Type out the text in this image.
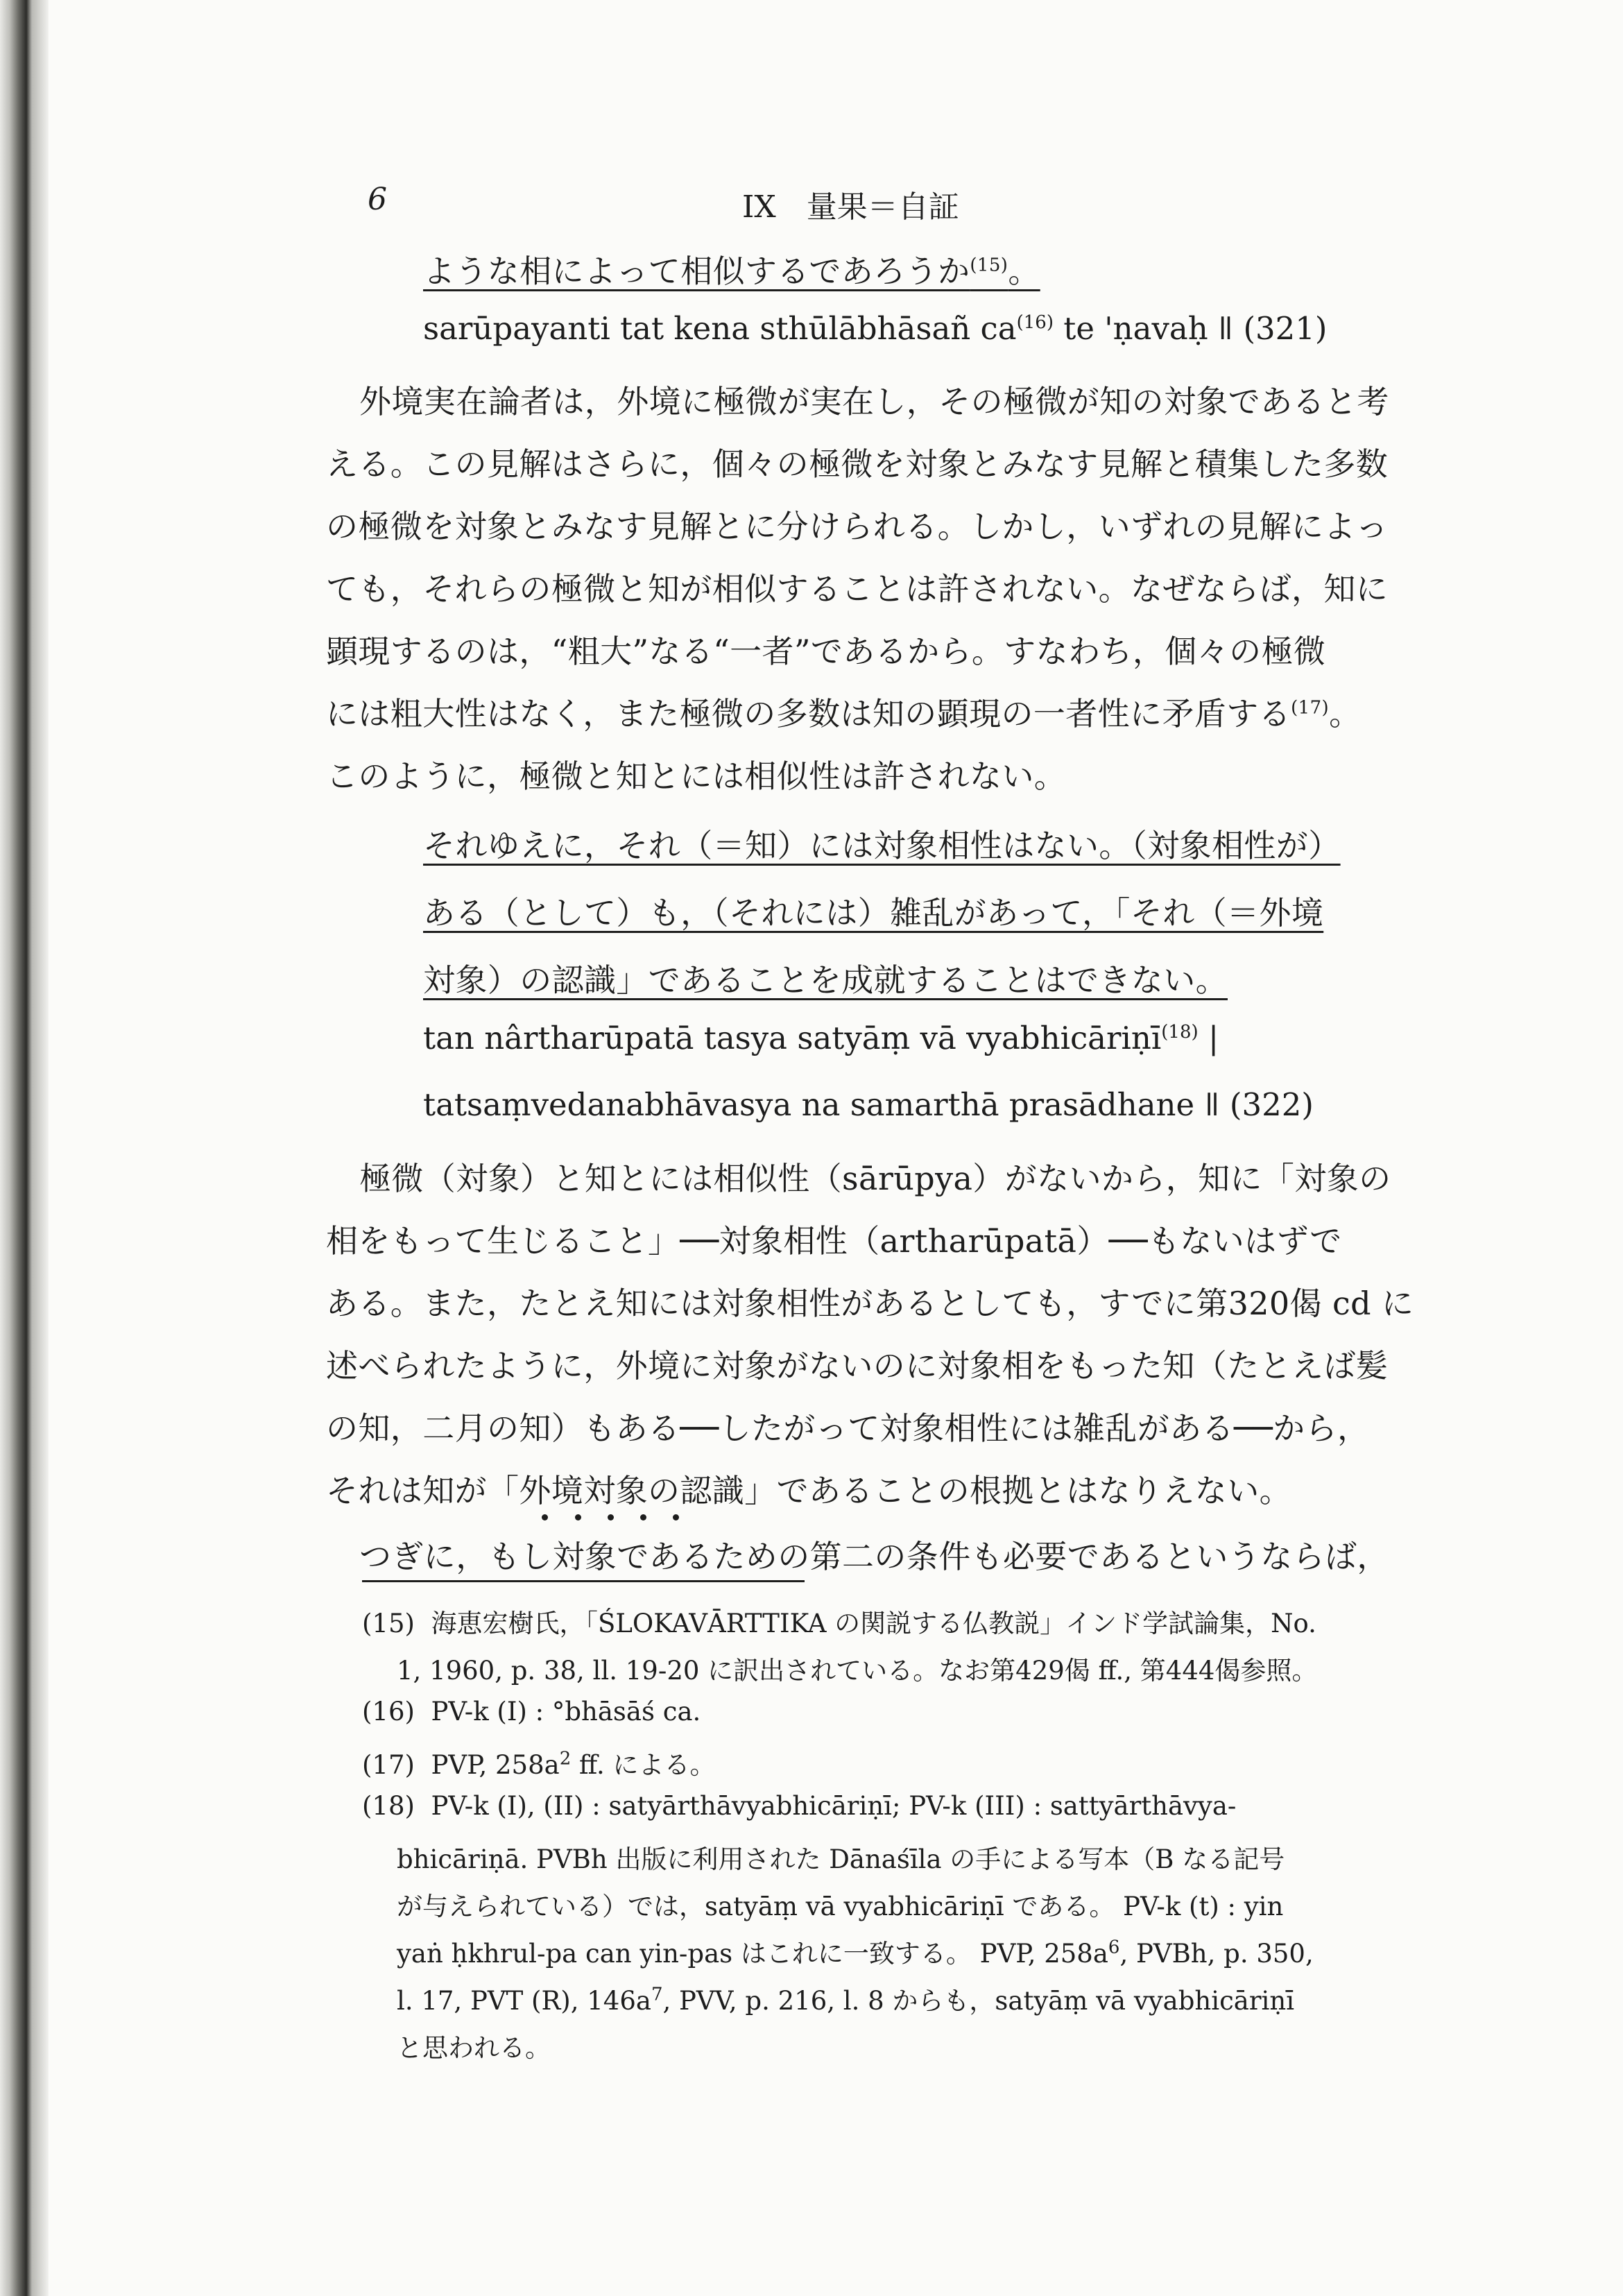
6	IX　量果＝自証
ような相によって相似するであろうか$^{(15)}$。
sarūpayanti tat kena sthūlābhāsañ $ca^{(16)}$ te 'ṇavaḥ ǁ (321)
外境実在論者は，外境に極微が実在し，その極微が知の対象であると考
える。この見解はさらに，個々の極微を対象とみなす見解と積集した多数
の極微を対象とみなす見解とに分けられる。しかし，いずれの見解によっ
ても，それらの極微と知が相似することは許されない。なぜならば，知に
顕現するのは，“粗大”なる“一者”であるから。すなわち，個々の極微
には粗大性はなく，また極微の多数は知の顕現の一者性に矛盾する$^{(17)}$。
このように，極微と知とには相似性は許されない。
それゆえに，それ（＝知）には対象相性はない。（対象相性が）
ある（として）も，（それには）雑乱があって，「それ（＝外境
対象）の認識」であることを成就することはできない。
tan nârtharūpatā tasya satyāṃ vā vyabhicāriṇī$^{(18)}$ |
tatsaṃvedanabhāvasya na samarthā prasādhane ǁ (322)
極微（対象）と知とには相似性（sārūpya）がないから，知に「対象の
相をもって生じること」──対象相性（artharūpatā）──もないはずで
ある。また，たとえ知には対象相性があるとしても，すでに第320偈 cd に
述べられたように，外境に対象がないのに対象相をもった知（たとえば髪
の知，二月の知）もある──したがって対象相性には雑乱がある──から，
それは知が「外境対象の認識」であることの根拠とはなりえない。
つぎに，もし対象であるための第二の条件も必要であるというならば，
(15) 海恵宏樹氏，「ŚLOKAVĀRTTIKA の関説する仏教説」インド学試論集，No.
1, 1960, p. 38, ll. 19-20 に訳出されている。なお第429偈 ff., 第444偈参照。
(16) PV-k (I) : °bhāsāś ca.
(17) PVP, $258a^2$ ff. による。
(18) PV-k (I), (II) : satyārthāvyabhicāriṇī; PV-k (III) : sattyārthāvya-
bhicāriṇā. PVBh 出版に利用された Dānaśīla の手による写本（B なる記号
が与えられている）では，satyāṃ vā vyabhicāriṇī である。 PV-k (t) : yin
yaṅ ḥkhrul-pa can yin-pas はこれに一致する。 PVP, $258a^6$, PVBh, p. 350,
l. 17, PVT (R), $146a^7$, PVV, p. 216, l. 8 からも，satyāṃ vā vyabhicāriṇī
と思われる。
